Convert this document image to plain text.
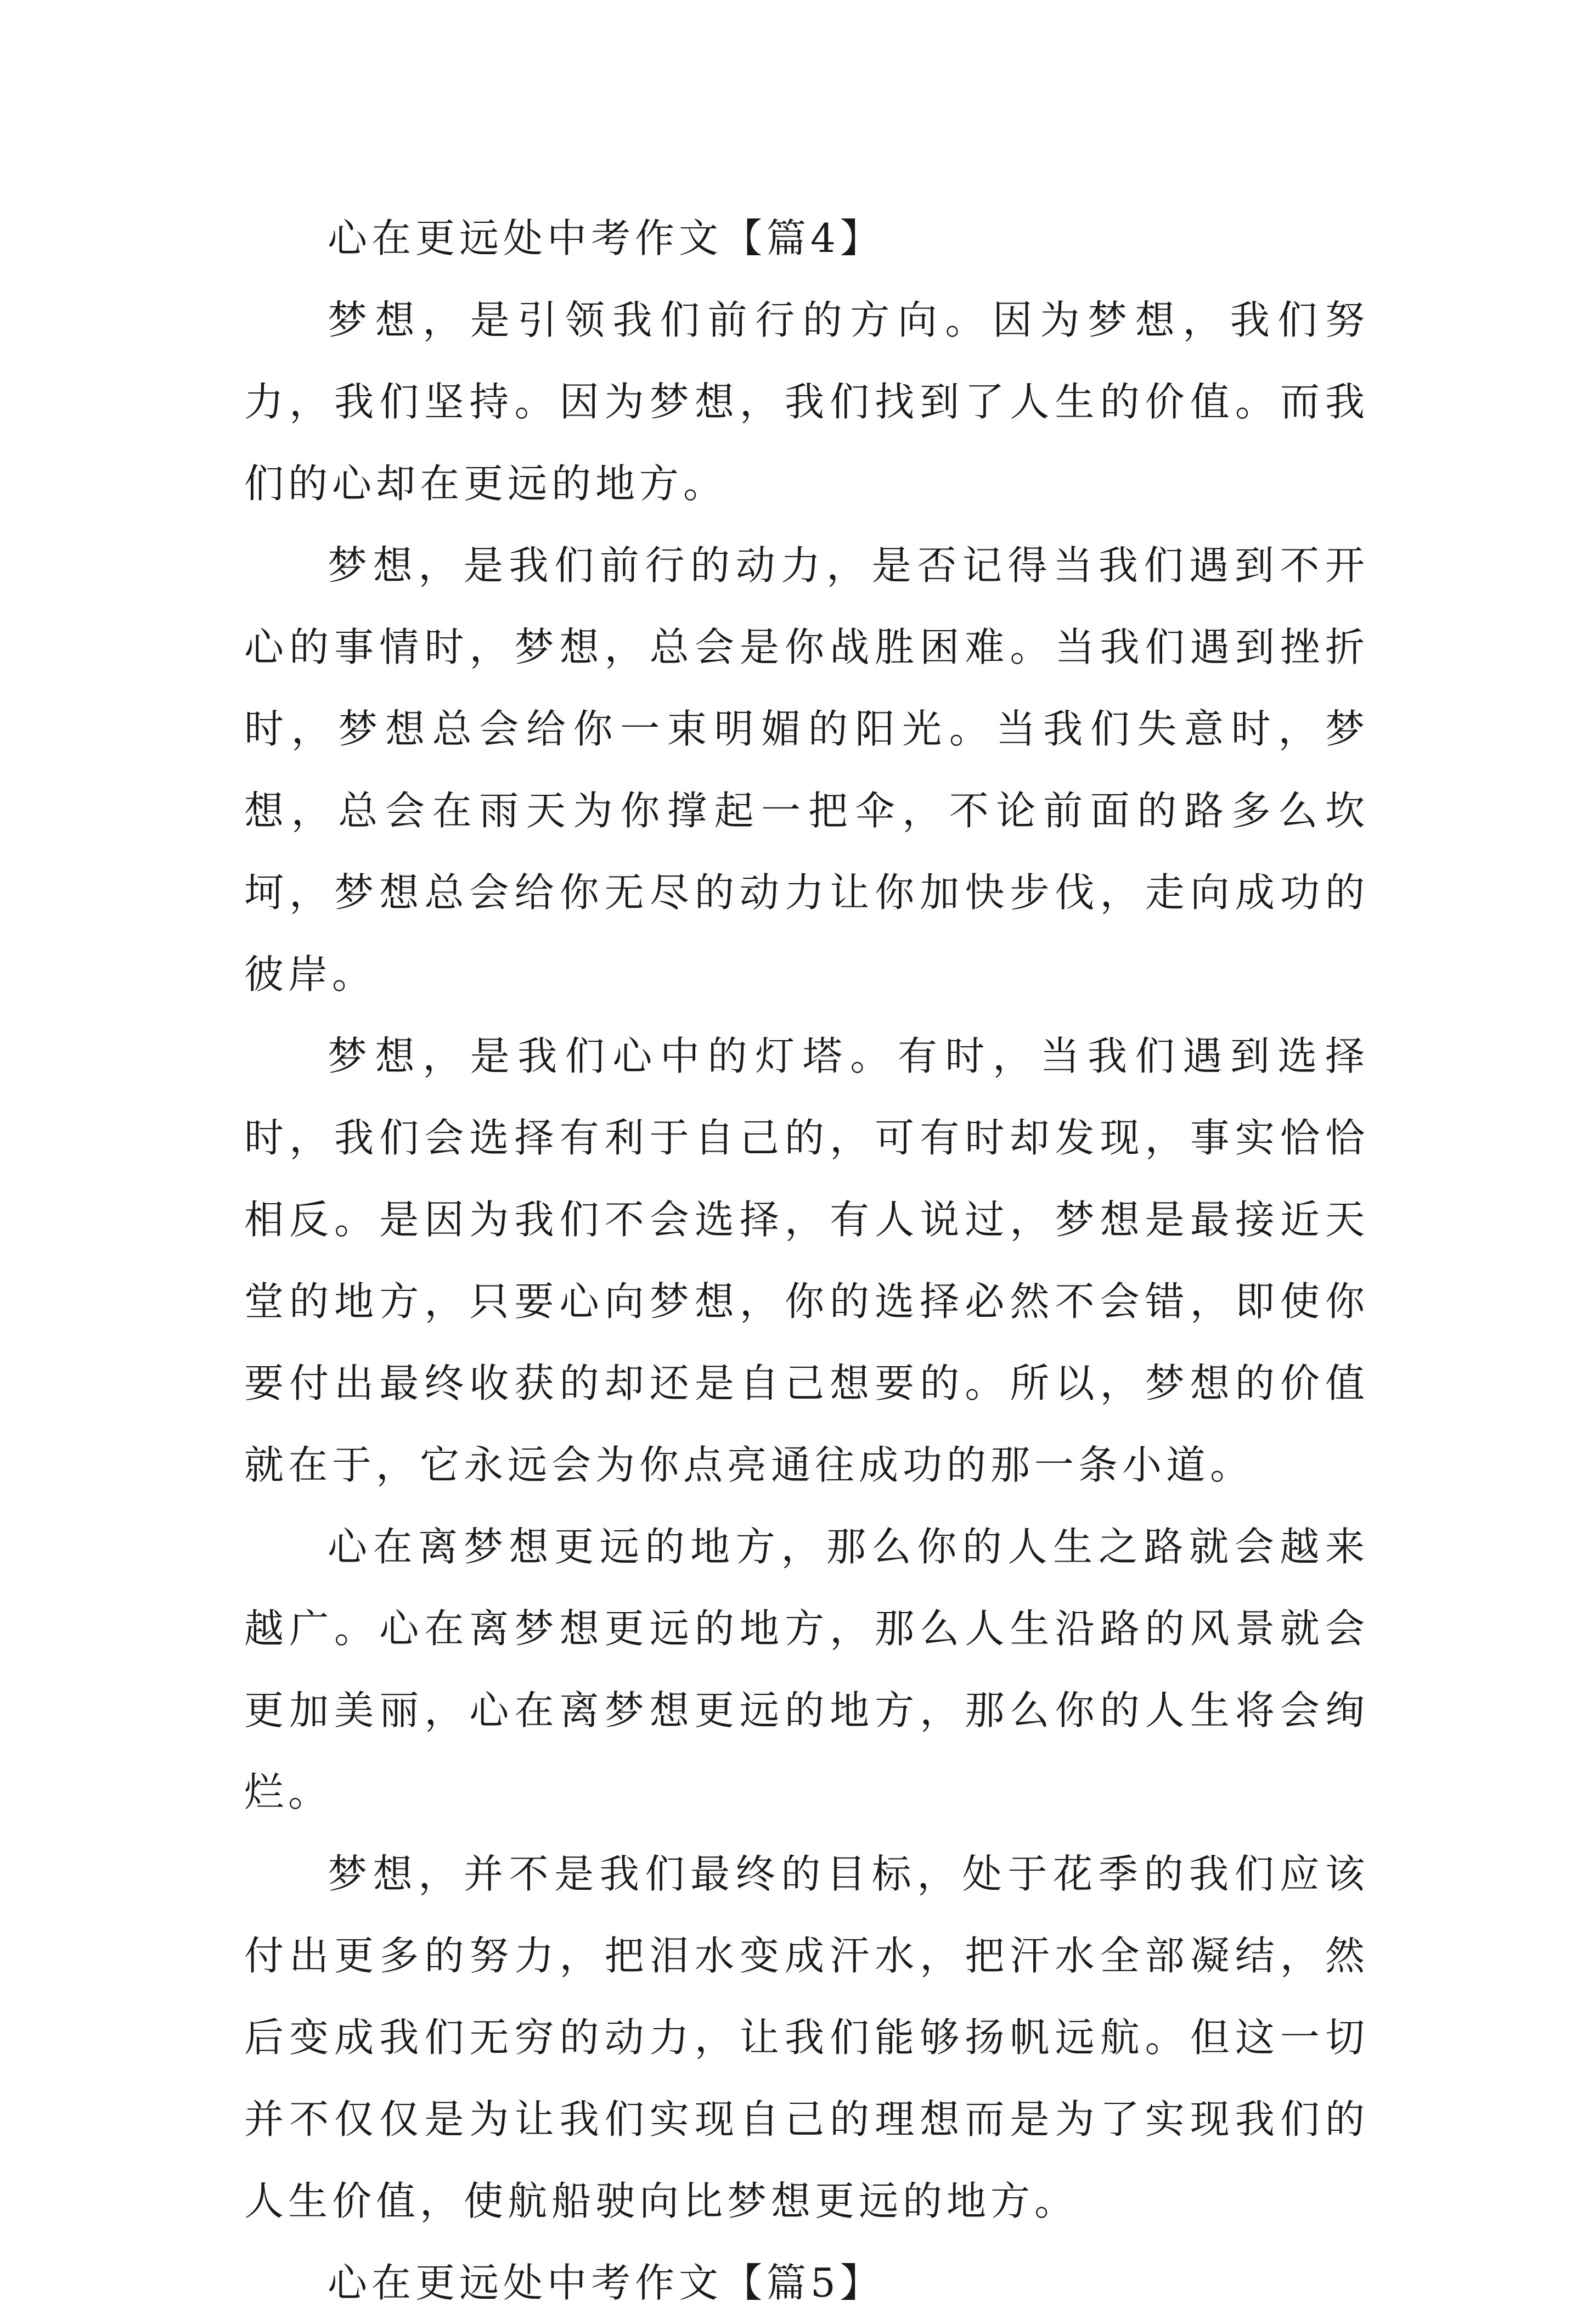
心在更远处中考作文【篇4】

梦想，是引领我们前行的方向。因为梦想，我们努力，我们坚持。因为梦想，我们找到了人生的价值。而我们的心却在更远的地方。

梦想，是我们前行的动力，是否记得当我们遇到不开心的事情时，梦想，总会是你战胜困难。当我们遇到挫折时，梦想总会给你一束明媚的阳光。当我们失意时，梦想，总会在雨天为你撑起一把伞，不论前面的路多么坎坷，梦想总会给你无尽的动力让你加快步伐，走向成功的彼岸。

梦想，是我们心中的灯塔。有时，当我们遇到选择时，我们会选择有利于自己的，可有时却发现，事实恰恰相反。是因为我们不会选择，有人说过，梦想是最接近天堂的地方，只要心向梦想，你的选择必然不会错，即使你要付出最终收获的却还是自己想要的。所以，梦想的价值就在于，它永远会为你点亮通往成功的那一条小道。

心在离梦想更远的地方，那么你的人生之路就会越来越广。心在离梦想更远的地方，那么人生沿路的风景就会更加美丽，心在离梦想更远的地方，那么你的人生将会绚烂。

梦想，并不是我们最终的目标，处于花季的我们应该付出更多的努力，把泪水变成汗水，把汗水全部凝结，然后变成我们无穷的动力，让我们能够扬帆远航。但这一切并不仅仅是为让我们实现自己的理想而是为了实现我们的人生价值，使航船驶向比梦想更远的地方。

心在更远处中考作文【篇5】
